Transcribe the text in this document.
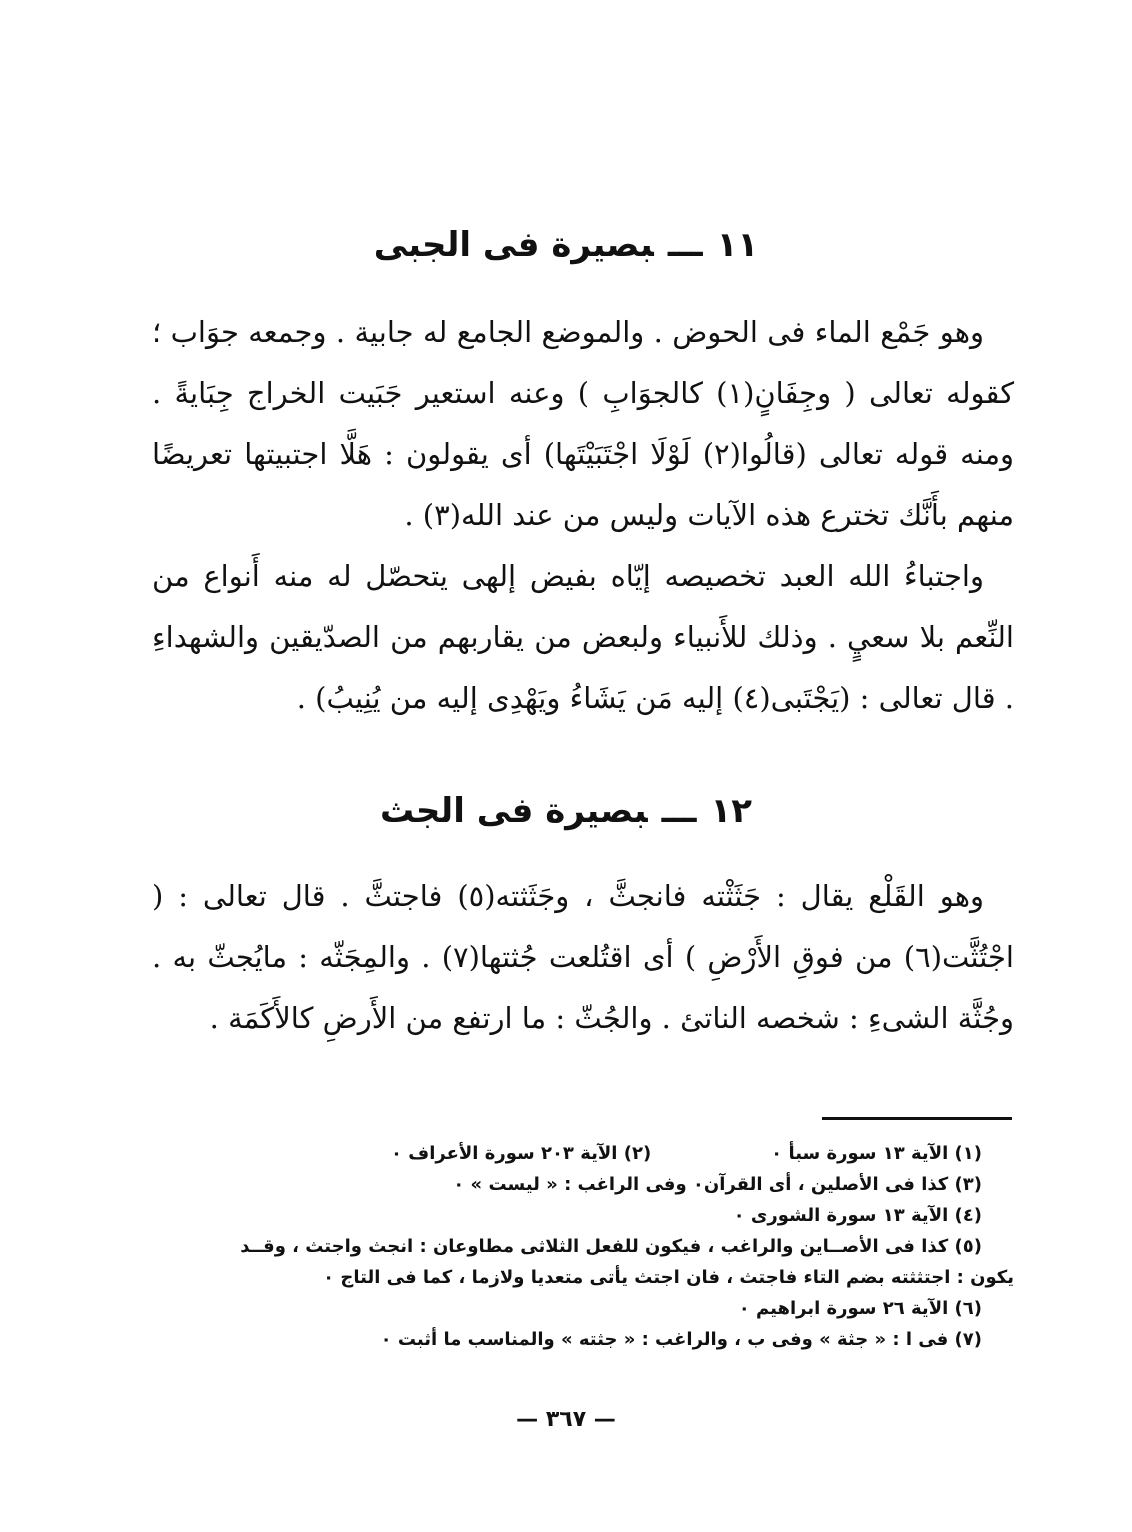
١١ـــبصيرة فى الجبى

وهو جَمْع الماء فى الحوض . والموضع الجامع له جابية . وجمعه جوَاب ؛ كقوله تعالى ( وجِفَانٍ(١) كالجوَابِ ) وعنه استعير جَبَيت الخراج جِبَايةً . ومنه قوله تعالى (قالُوا(٢) لَوْلَا اجْتَبَيْتَها) أى يقولون : هَلَّا اجتبيتها تعريضًا منهم بأَنَّك تخترع هذه الآيات وليس من عند الله(٣) .

واجتباءُ الله العبد تخصيصه إيّاه بفيض إلهى يتحصّل له منه أَنواع من النِّعم بلا سعيٍ . وذلك للأَنبياء ولبعض من يقاربهم من الصدّيقين والشهداءِ . قال تعالى : (يَجْتَبى(٤) إليه مَن يَشَاءُ ويَهْدِى إليه من يُنِيبُ) .

١٢ـــبصيرة فى الجث

وهو القَلْع يقال : جَثَثْته فانجثَّ ، وجَثَثته(٥) فاجتثَّ . قال تعالى : ( اجْتُثَّت(٦) من فوقِ الأَرْضِ ) أى اقتُلعت جُثتها(٧) . والمِجَثّه : مايُجثّ به . وجُثَّة الشىءِ : شخصه الناتئ . والجُثّ : ما ارتفع من الأَرضِ كالأَكَمَة .

(١) الآية ١٣ سورة سبأ ٠(٢) الآية ٢٠٣ سورة الأعراف ٠
(٣) كذا فى الأصلين ، أى القرآن٠ وفى الراغب : « ليست » ٠
(٤) الآية ١٣ سورة الشورى ٠
(٥) كذا فى الأصــاين والراغب ، فيكون للفعل الثلاثى مطاوعان : انجث واجتث ، وقــد
يكون : اجتثثته بضم التاء فاجتث ، فان اجتث يأتى متعديا ولازما ، كما فى التاج ٠
(٦) الآية ٢٦ سورة ابراهيم ٠
(٧) فى ا : « جثة » وفى ب ، والراغب : « جثته » والمناسب ما أثبت ٠
— ٣٦٧ —
